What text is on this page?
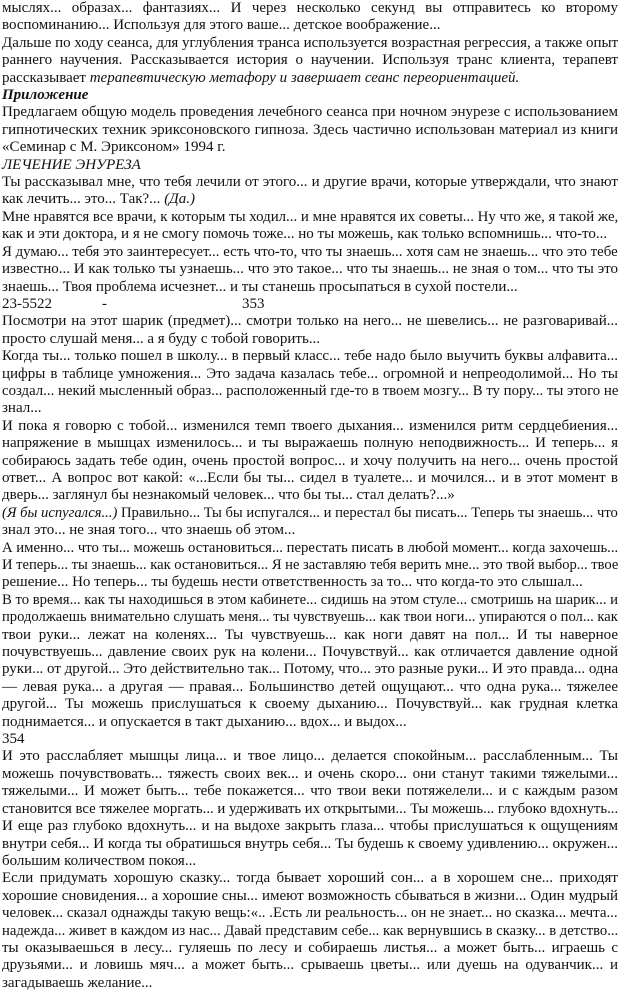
мыслях... образах... фантазиях... И через несколько секунд вы отправитесь ко второму
воспоминанию... Используя для этого ваше... детское воображение...
Дальше по ходу сеанса, для углубления транса используется возрастная регрессия, а также опыт
раннего научения. Рассказывается история о научении. Используя транс клиента, терапевт
рассказывает терапевтическую метафору и завершает сеанс переориентацией.
Приложение
Предлагаем общую модель проведения лечебного сеанса при ночном энурезе с использованием
гипнотических техник эриксоновского гипноза. Здесь частично использован материал из книги
«Семинар с М. Эриксоном» 1994 г.
ЛЕЧЕНИЕ ЭНУРЕЗА
Ты рассказывал мне, что тебя лечили от этого... и другие врачи, которые утверждали, что знают
как лечить... это... Так?... (Да.)
Мне нравятся все врачи, к которым ты ходил... и мне нравятся их советы... Ну что же, я такой же,
как и эти доктора, и я не смогу помочь тоже... но ты можешь, как только вспомнишь... что-то...
Я думаю... тебя это заинтересует... есть что-то, что ты знаешь... хотя сам не знаешь... что это тебе
известно... И как только ты узнаешь... что это такое... что ты знаешь... не зная о том... что ты это
знаешь... Твоя проблема исчезнет... и ты станешь просыпаться в сухой постели...
23-5522	-	353
Посмотри на этот шарик (предмет)... смотри только на него... не шевелись... не разговаривай...
просто слушай меня... а я буду с тобой говорить...
Когда ты... только пошел в школу... в первый класс... тебе надо было выучить буквы алфавита...
цифры в таблице умножения... Это задача казалась тебе... огромной и непреодолимой... Но ты
создал... некий мысленный образ... расположенный где-то в твоем мозгу... В ту пору... ты этого не
знал...
И пока я говорю с тобой... изменился темп твоего дыхания... изменился ритм сердцебиения...
напряжение в мышцах изменилось... и ты выражаешь полную неподвижность... И теперь... я
собираюсь задать тебе один, очень простой вопрос... и хочу получить на него... очень простой
ответ... А вопрос вот какой: «...Если бы ты... сидел в туалете... и мочился... и в этот момент в
дверь... заглянул бы незнакомый человек... что бы ты... стал делать?...»
(Я бы испугался...) Правильно... Ты бы испугался... и перестал бы писать... Теперь ты знаешь... что
знал это... не зная того... что знаешь об этом...
А именно... что ты... можешь остановиться... перестать писать в любой момент... когда захочешь...
И теперь... ты знаешь... как остановиться... Я не заставляю тебя верить мне... это твой выбор... твое
решение... Но теперь... ты будешь нести ответственность за то... что когда-то это слышал...
В то время... как ты находишься в этом кабинете... сидишь на этом стуле... смотришь на шарик... и
продолжаешь внимательно слушать меня... ты чувствуешь... как твои ноги... упираются о пол... как
твои руки... лежат на коленях... Ты чувствуешь... как ноги давят на пол... И ты наверное
почувствуешь... давление своих рук на колени... Почувствуй... как отличается давление одной
руки... от другой... Это действительно так... Потому, что... это разные руки... И это правда... одна
— левая рука... а другая — правая... Большинство детей ощущают... что одна рука... тяжелее
другой... Ты можешь прислушаться к своему дыханию... Почувствуй... как грудная клетка
поднимается... и опускается в такт дыханию... вдох... и выдох...
354
И это расслабляет мышцы лица... и твое лицо... делается спокойным... расслабленным... Ты
можешь почувствовать... тяжесть своих век... и очень скоро... они станут такими тяжелыми...
тяжелыми... И может быть... тебе покажется... что твои веки потяжелели... и с каждым разом
становится все тяжелее моргать... и удерживать их открытыми... Ты можешь... глубоко вдохнуть...
И еще раз глубоко вдохнуть... и на выдохе закрыть глаза... чтобы прислушаться к ощущениям
внутри себя... И когда ты обратишься внутрь себя... Ты будешь к своему удивлению... окружен...
большим количеством покоя...
Если придумать хорошую сказку... тогда бывает хороший сон... а в хорошем сне... приходят
хорошие сновидения... а хорошие сны... имеют возможность сбываться в жизни... Один мудрый
человек... сказал однажды такую вещь:«.. .Есть ли реальность... он не знает... но сказка... мечта...
надежда... живет в каждом из нас... Давай представим себе... как вернувшись в сказку... в детство...
ты оказываешься в лесу... гуляешь по лесу и собираешь листья... а может быть... играешь с
друзьями... и ловишь мяч... а может быть... срываешь цветы... или дуешь на одуванчик... и
загадываешь желание...
